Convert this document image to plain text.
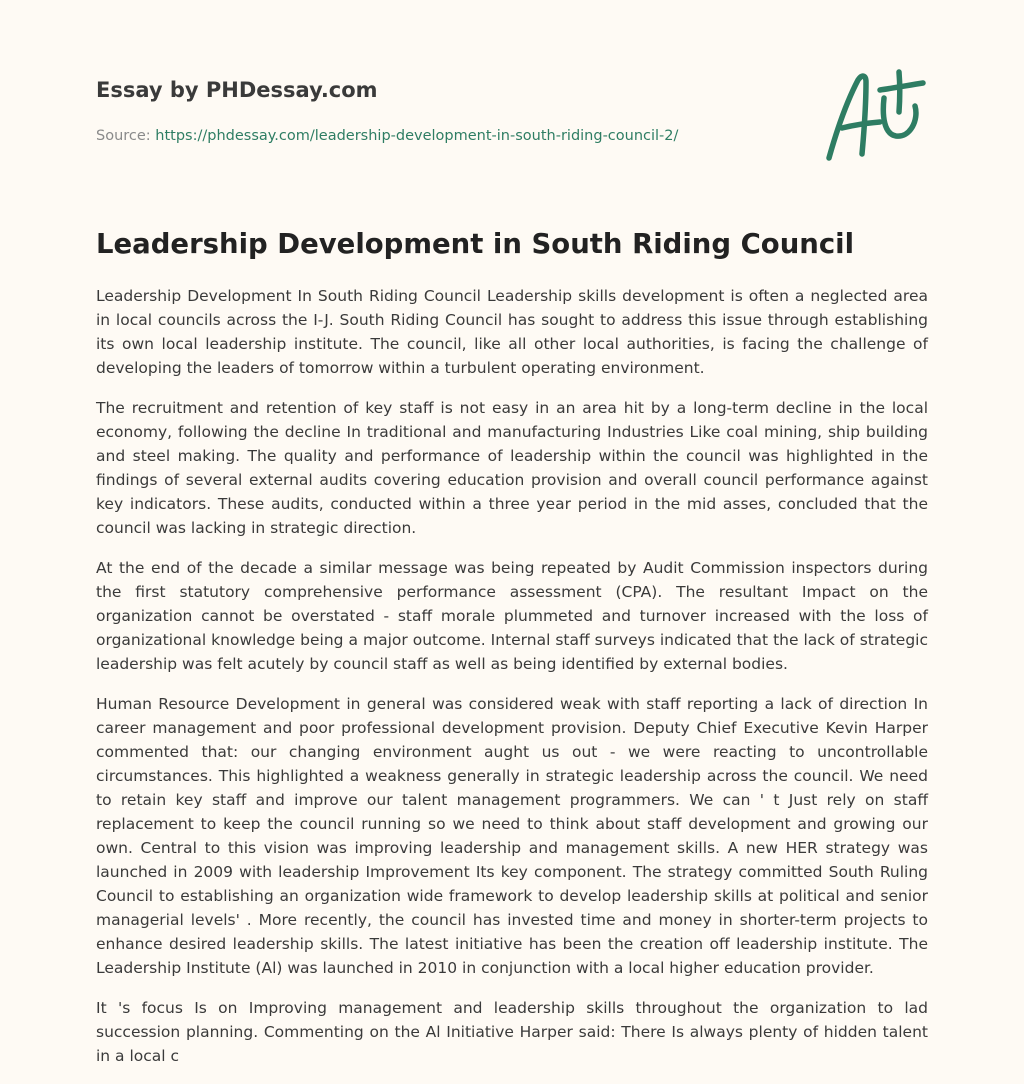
Essay by PHDessay.com
Source: https://phdessay.com/leadership-development-in-south-riding-council-2/
Leadership Development in South Riding Council

Leadership Development In South Riding Council Leadership skills development is often a neglected area in local councils across the I-J. South Riding Council has sought to address this issue through establishing its own local leadership institute. The council, like all other local authorities, is facing the challenge of developing the leaders of tomorrow within a turbulent operating environment.

The recruitment and retention of key staff is not easy in an area hit by a long-term decline in the local economy, following the decline In traditional and manufacturing Industries Like coal mining, ship building and steel making. The quality and performance of leadership within the council was highlighted in the findings of several external audits covering education provision and overall council performance against key indicators. These audits, conducted within a three year period in the mid asses, concluded that the council was lacking in strategic direction.

At the end of the decade a similar message was being repeated by Audit Commission inspectors during the first statutory comprehensive performance assessment (CPA). The resultant Impact on the organization cannot be overstated - staff morale plummeted and turnover increased with the loss of organizational knowledge being a major outcome. Internal staff surveys indicated that the lack of strategic leadership was felt acutely by council staff as well as being identified by external bodies.

Human Resource Development in general was considered weak with staff reporting a lack of direction In career management and poor professional development provision. Deputy Chief Executive Kevin Harper commented that: our changing environment aught us out - we were reacting to uncontrollable circumstances. This highlighted a weakness generally in strategic leadership across the council. We need to retain key staff and improve our talent management programmers. We can ' t Just rely on staff replacement to keep the council running so we need to think about staff development and growing our own. Central to this vision was improving leadership and management skills. A new HER strategy was launched in 2009 with leadership Improvement Its key component. The strategy committed South Ruling Council to establishing an organization wide framework to develop leadership skills at political and senior managerial levels' . More recently, the council has invested time and money in shorter-term projects to enhance desired leadership skills. The latest initiative has been the creation off leadership institute. The Leadership Institute (Al) was launched in 2010 in conjunction with a local higher education provider.

It 's focus Is on Improving management and leadership skills throughout the organization to lad succession planning. Commenting on the Al Initiative Harper said: There Is always plenty of hidden talent in a local c
